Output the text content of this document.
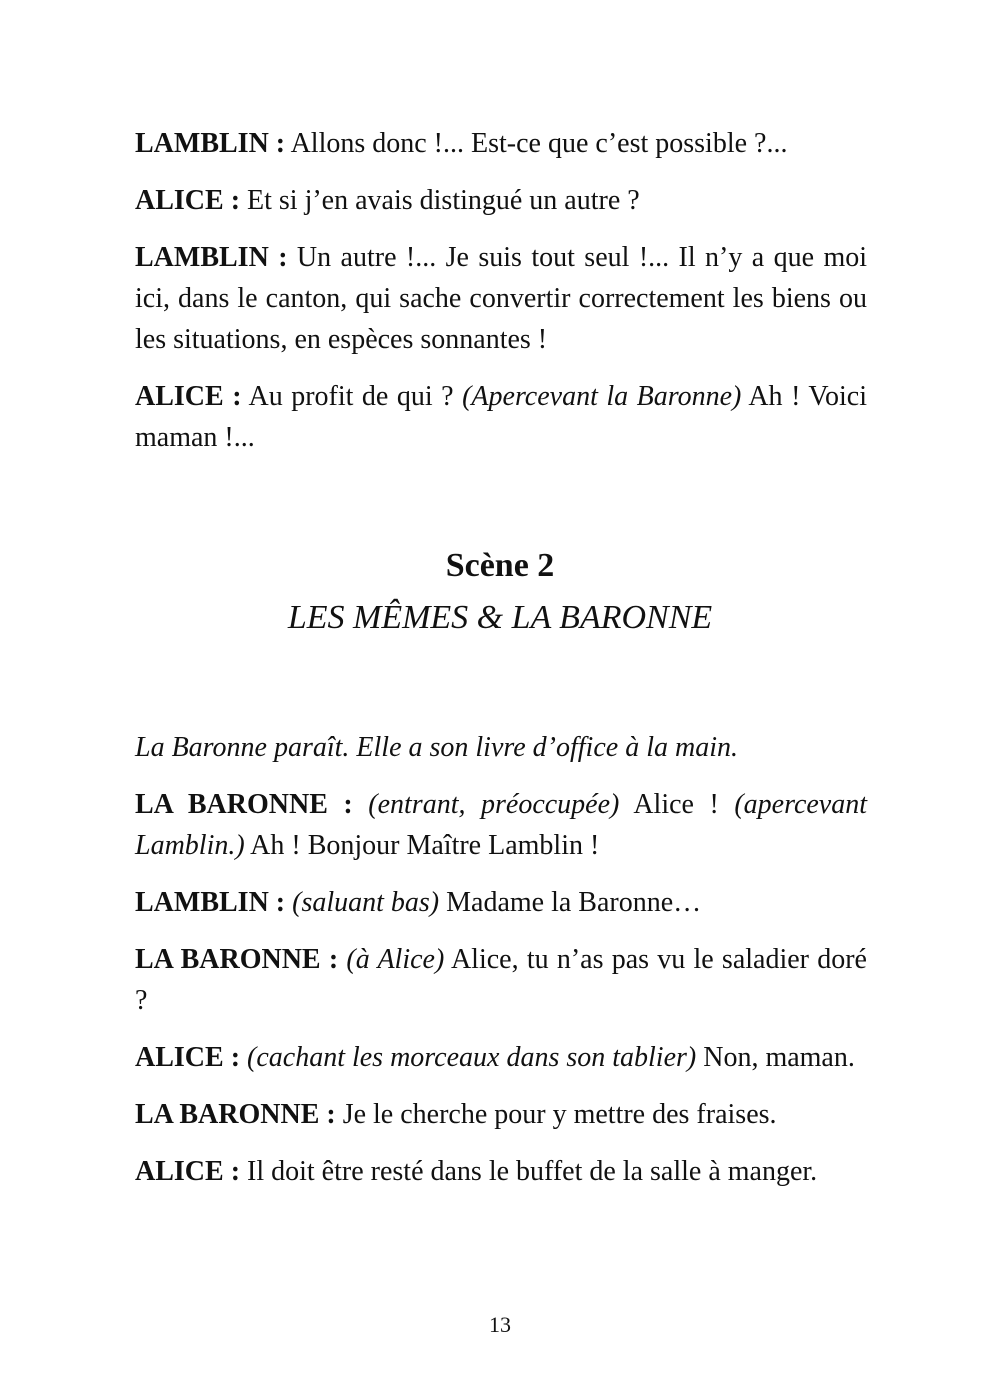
LAMBLIN : Allons donc !... Est-ce que c’est possible ?...

ALICE : Et si j’en avais distingué un autre ?

LAMBLIN : Un autre !... Je suis tout seul !... Il n’y a que moi ici, dans le canton, qui sache convertir correctement les biens ou les situations, en espèces sonnantes !

ALICE : Au profit de qui ? (Apercevant la Baronne) Ah ! Voici maman !...

Scène 2
LES MÊMES & LA BARONNE

La Baronne paraît. Elle a son livre d’office à la main.

LA BARONNE : (entrant, préoccupée) Alice ! (apercevant Lamblin.) Ah ! Bonjour Maître Lamblin !

LAMBLIN : (saluant bas) Madame la Baronne…

LA BARONNE : (à Alice) Alice, tu n’as pas vu le saladier doré ?

ALICE : (cachant les morceaux dans son tablier) Non, maman.

LA BARONNE : Je le cherche pour y mettre des fraises.

ALICE : Il doit être resté dans le buffet de la salle à manger.

13
